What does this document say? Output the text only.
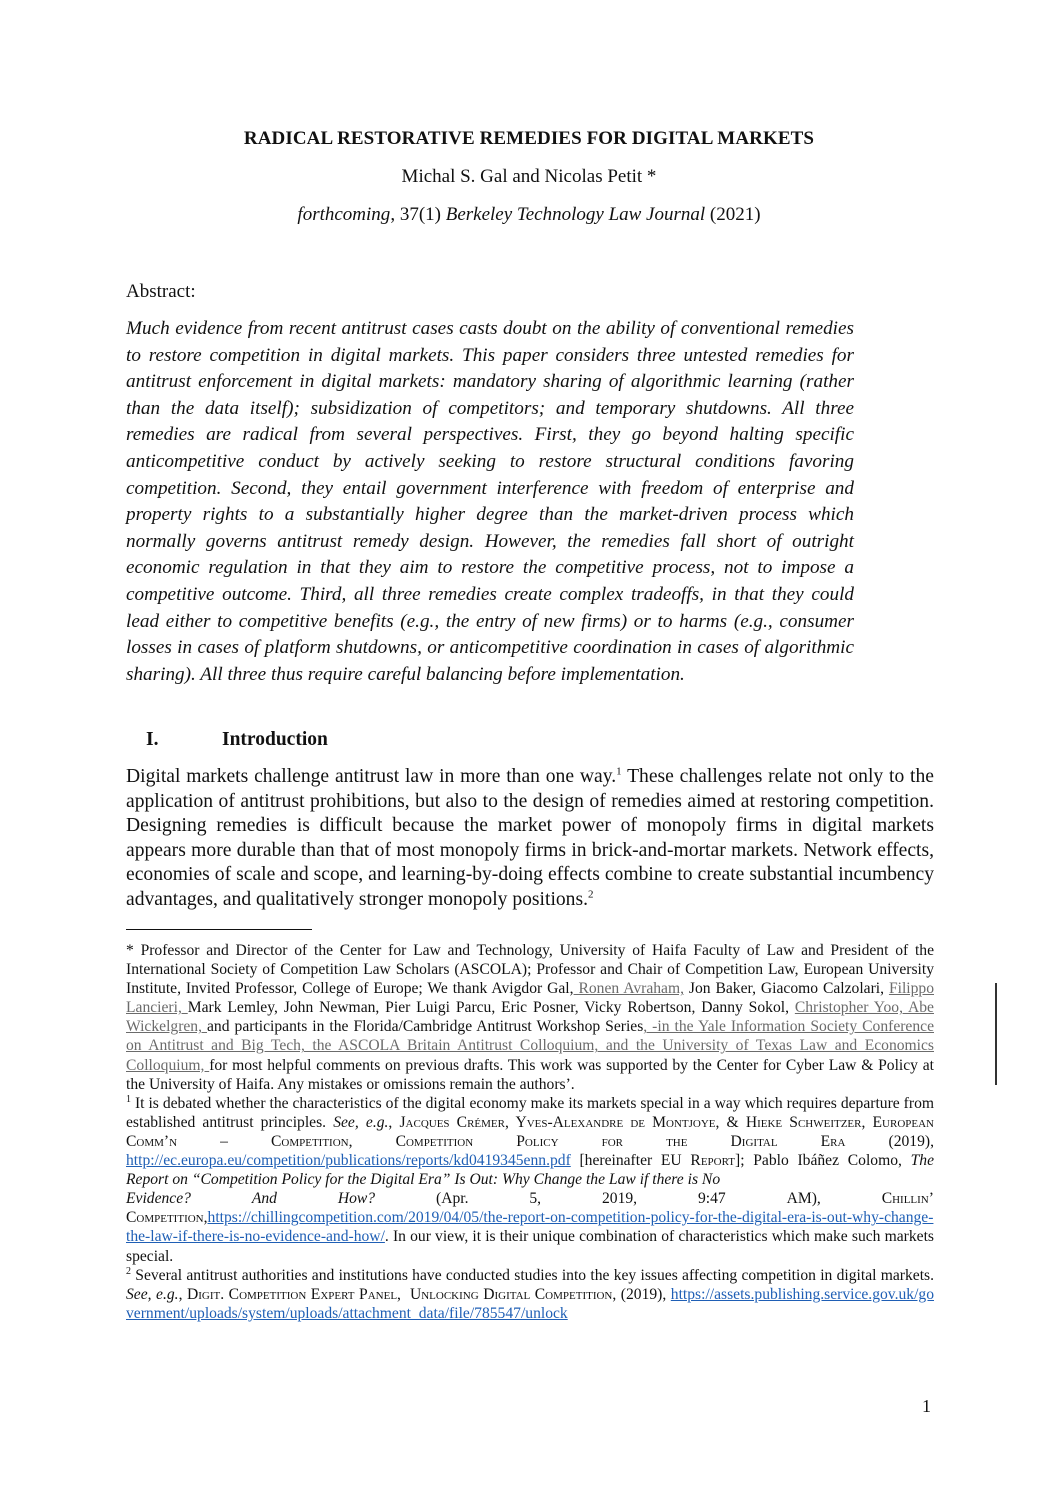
RADICAL RESTORATIVE REMEDIES FOR DIGITAL MARKETS
Michal S. Gal and Nicolas Petit *
forthcoming, 37(1) Berkeley Technology Law Journal (2021)
Abstract:
Much evidence from recent antitrust cases casts doubt on the ability of conventional remedies to restore competition in digital markets. This paper considers three untested remedies for antitrust enforcement in digital markets: mandatory sharing of algorithmic learning (rather than the data itself); subsidization of competitors; and temporary shutdowns. All three remedies are radical from several perspectives. First, they go beyond halting specific anticompetitive conduct by actively seeking to restore structural conditions favoring competition. Second, they entail government interference with freedom of enterprise and property rights to a substantially higher degree than the market-driven process which normally governs antitrust remedy design. However, the remedies fall short of outright economic regulation in that they aim to restore the competitive process, not to impose a competitive outcome. Third, all three remedies create complex tradeoffs, in that they could lead either to competitive benefits (e.g., the entry of new firms) or to harms (e.g., consumer losses in cases of platform shutdowns, or anticompetitive coordination in cases of algorithmic sharing). All three thus require careful balancing before implementation.
I.	Introduction
Digital markets challenge antitrust law in more than one way.$^1$ These challenges relate not only to the application of antitrust prohibitions, but also to the design of remedies aimed at restoring competition. Designing remedies is difficult because the market power of monopoly firms in digital markets appears more durable than that of most monopoly firms in brick-and-mortar markets. Network effects, economies of scale and scope, and learning-by-doing effects combine to create substantial incumbency advantages, and qualitatively stronger monopoly positions.$^2$

* Professor and Director of the Center for Law and Technology, University of Haifa Faculty of Law and President of the International Society of Competition Law Scholars (ASCOLA); Professor and Chair of Competition Law, European University Institute, Invited Professor, College of Europe; We thank Avigdor Gal, Ronen Avraham, Jon Baker, Giacomo Calzolari, Filippo Lancieri, Mark Lemley, John Newman, Pier Luigi Parcu, Eric Posner, Vicky Robertson, Danny Sokol, Christopher Yoo, Abe Wickelgren, and participants in the Florida/Cambridge Antitrust Workshop Series, -in the Yale Information Society Conference on Antitrust and Big Tech, the ASCOLA Britain Antitrust Colloquium, and the University of Texas Law and Economics Colloquium, for most helpful comments on previous drafts. This work was supported by the Center for Cyber Law & Policy at the University of Haifa. Any mistakes or omissions remain the authors’.

$^1$ It is debated whether the characteristics of the digital economy make its markets special in a way which requires departure from established antitrust principles. See, e.g., Jacques Crémer, Yves-Alexandre de Montjoye, & Hieke Schweitzer, European Comm’n – Competition, Competition Policy for the Digital Era (2019), http://ec.europa.eu/competition/publications/reports/kd0419345enn.pdf [hereinafter EU Report]; Pablo Ibáñez Colomo, The Report on “Competition Policy for the Digital Era” Is Out: Why Change the Law if there is No
Evidence?	And	How?	(Apr.	5,	2019,	9:47	AM),	Chillin’
Competition,https://chillingcompetition.com/2019/04/05/the-report-on-competition-policy-for-the-digital-era-is-out-why-change-the-law-if-there-is-no-evidence-and-how/. In our view, it is their unique combination of characteristics which make such markets special.

$^2$ Several antitrust authorities and institutions have conducted studies into the key issues affecting competition in digital markets. See, e.g., Digit. Competition Expert Panel,  Unlocking Digital Competition, (2019), https://assets.publishing.service.gov.uk/government/uploads/system/uploads/attachment_data/file/785547/unlock

1
